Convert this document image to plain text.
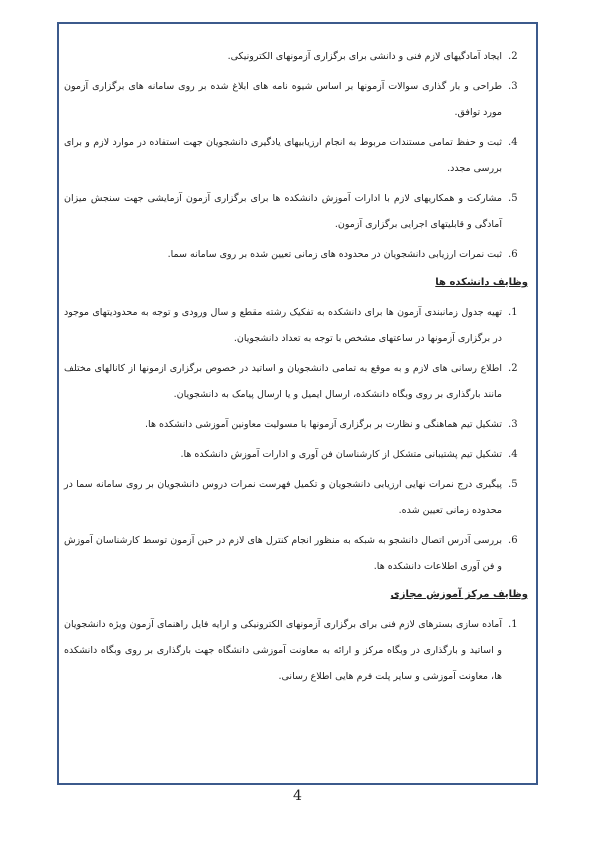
2.
ایجاد آمادگیهای لازم فنی و دانشی برای برگزاری آزمونهای الکترونیکی.
3.
طراحی و بار گذاری سوالات آزمونها بر اساس شیوه نامه های ابلاغ شده بر روی سامانه های برگزاری آزمون مورد توافق.
4.
ثبت و حفظ تمامی مستندات مربوط به انجام ارزیابیهای یادگیری دانشجویان جهت استفاده در موارد لازم و برای بررسی مجدد.
5.
مشارکت و همکاریهای لازم با ادارات آموزش دانشکده ها برای برگزاری آزمون آزمایشی جهت سنجش میزان آمادگی و قابلیتهای اجرایی برگزاری آزمون.
6.
ثبت نمرات ارزیابی دانشجویان در محدوده های زمانی تعیین شده بر روی سامانه سما.
وظایف دانشکده ها
1.
تهیه جدول زمانبندی آزمون ها برای دانشکده به تفکیک رشته مقطع و سال ورودی و توجه به محدودیتهای موجود در برگزاری آزمونها در ساعتهای مشخص با توجه به تعداد دانشجویان.
2.
اطلاع رسانی های لازم و به موقع به تمامی دانشجویان و اساتید در خصوص برگزاری ازمونها از کانالهای مختلف مانند بارگذاری بر روی وبگاه دانشکده، ارسال ایمیل و یا ارسال پیامک به دانشجویان.
3.
تشکیل تیم هماهنگی و نظارت بر برگزاری آزمونها با مسولیت معاونین آموزشی دانشکده ها.
4.
تشکیل تیم پشتیبانی متشکل از کارشناسان فن آوری و ادارات آموزش دانشکده ها.
5.
پیگیری درج نمرات نهایی ارزیابی دانشجویان و تکمیل فهرست نمرات دروس دانشجویان بر روی سامانه سما در محدوده زمانی تعیین شده.
6.
بررسی آدرس اتصال دانشجو به شبکه به منظور انجام کنترل های لازم در حین آزمون توسط کارشناسان آموزش و فن آوری اطلاعات دانشکده ها.
وظایف مرکز آموزش مجازی
1.
آماده سازی بسترهای لازم فنی برای برگزاری آزمونهای الکترونیکی و ارایه فایل راهنمای آزمون ویژه دانشجویان و اساتید و بارگذاری در وبگاه مرکز و ارائه به معاونت آموزشی دانشگاه جهت بارگذاری بر روی وبگاه دانشکده ها، معاونت آموزشی و سایر پلت فرم هایی اطلاع رسانی.
4
